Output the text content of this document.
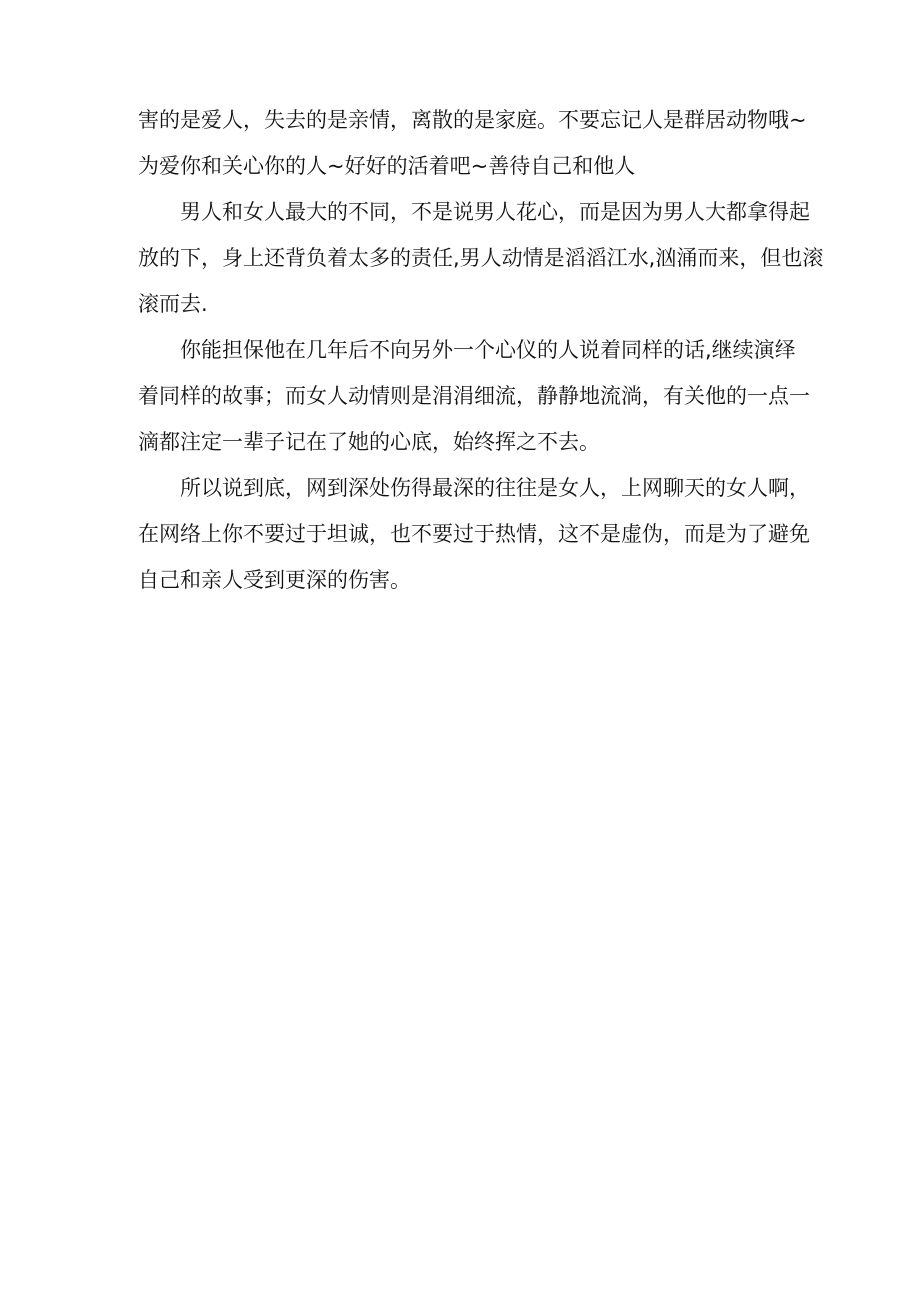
害的是爱人，失去的是亲情，离散的是家庭。不要忘记人是群居动物哦~
为爱你和关心你的人~好好的活着吧~善待自己和他人
男人和女人最大的不同，不是说男人花心，而是因为男人大都拿得起
放的下，身上还背负着太多的责任,男人动情是滔滔江水,汹涌而来，但也滚
滚而去.
你能担保他在几年后不向另外一个心仪的人说着同样的话,继续演绎
着同样的故事；而女人动情则是涓涓细流，静静地流淌，有关他的一点一
滴都注定一辈子记在了她的心底，始终挥之不去。
所以说到底，网到深处伤得最深的往往是女人，上网聊天的女人啊，
在网络上你不要过于坦诚，也不要过于热情，这不是虚伪，而是为了避免
自己和亲人受到更深的伤害。
